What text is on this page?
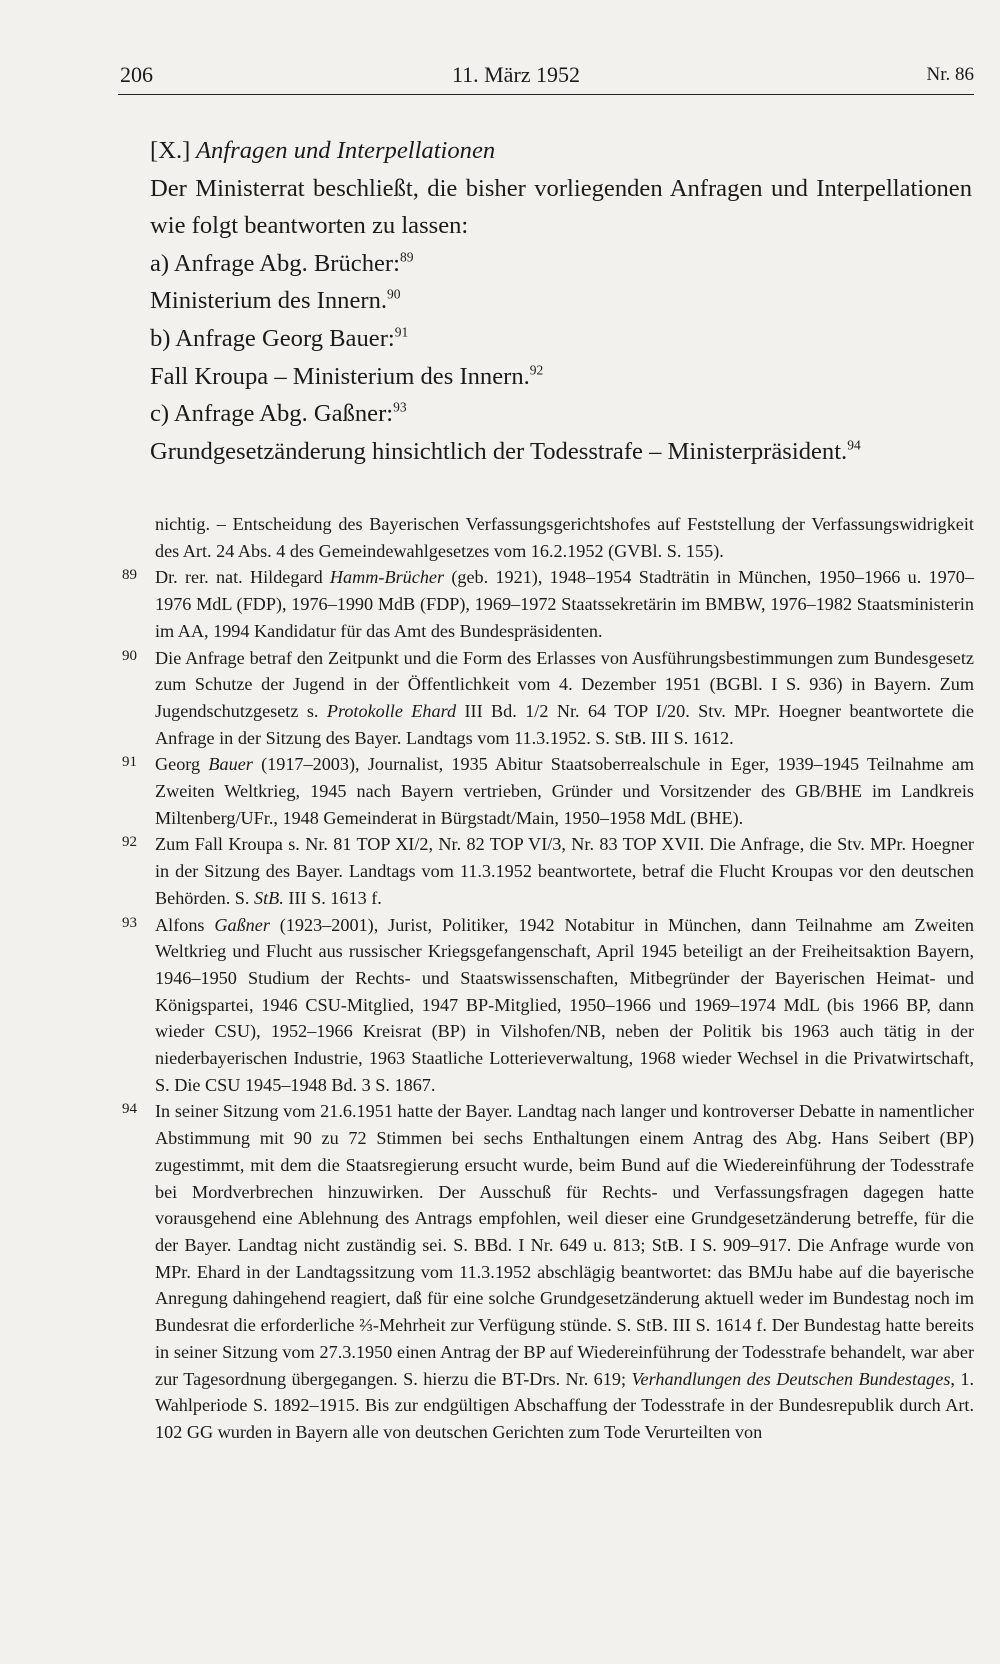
206	11. März 1952	Nr. 86

[X.] Anfragen und Interpellationen

Der Ministerrat beschließt, die bisher vorliegenden Anfragen und Interpellationen wie folgt beantworten zu lassen:

a) Anfrage Abg. Brücher:$^{89}$

Ministerium des Innern.$^{90}$

b) Anfrage Georg Bauer:$^{91}$

Fall Kroupa – Ministerium des Innern.$^{92}$

c) Anfrage Abg. Gaßner:$^{93}$

Grundgesetzänderung hinsichtlich der Todesstrafe – Ministerpräsident.$^{94}$

nichtig. – Entscheidung des Bayerischen Verfassungsgerichtshofes auf Feststellung der Verfassungswidrigkeit des Art. 24 Abs. 4 des Gemeindewahlgesetzes vom 16.2.1952 (GVBl. S. 155).
89 Dr. rer. nat. Hildegard Hamm-Brücher (geb. 1921), 1948–1954 Stadträtin in München, 1950–1966 u. 1970–1976 MdL (FDP), 1976–1990 MdB (FDP), 1969–1972 Staatssekretärin im BMBW, 1976–1982 Staatsministerin im AA, 1994 Kandidatur für das Amt des Bundespräsidenten.
90 Die Anfrage betraf den Zeitpunkt und die Form des Erlasses von Ausführungsbestimmungen zum Bundesgesetz zum Schutze der Jugend in der Öffentlichkeit vom 4. Dezember 1951 (BGBl. I S. 936) in Bayern. Zum Jugendschutzgesetz s. Protokolle Ehard III Bd. 1/2 Nr. 64 TOP I/20. Stv. MPr. Hoegner beantwortete die Anfrage in der Sitzung des Bayer. Landtags vom 11.3.1952. S. StB. III S. 1612.
91 Georg Bauer (1917–2003), Journalist, 1935 Abitur Staatsoberrealschule in Eger, 1939–1945 Teilnahme am Zweiten Weltkrieg, 1945 nach Bayern vertrieben, Gründer und Vorsitzender des GB/BHE im Landkreis Miltenberg/UFr., 1948 Gemeinderat in Bürgstadt/Main, 1950–1958 MdL (BHE).
92 Zum Fall Kroupa s. Nr. 81 TOP XI/2, Nr. 82 TOP VI/3, Nr. 83 TOP XVII. Die Anfrage, die Stv. MPr. Hoegner in der Sitzung des Bayer. Landtags vom 11.3.1952 beantwortete, betraf die Flucht Kroupas vor den deutschen Behörden. S. StB. III S. 1613 f.
93 Alfons Gaßner (1923–2001), Jurist, Politiker, 1942 Notabitur in München, dann Teilnahme am Zweiten Weltkrieg und Flucht aus russischer Kriegsgefangenschaft, April 1945 beteiligt an der Freiheitsaktion Bayern, 1946–1950 Studium der Rechts- und Staatswissenschaften, Mitbegründer der Bayerischen Heimat- und Königspartei, 1946 CSU-Mitglied, 1947 BP-Mitglied, 1950–1966 und 1969–1974 MdL (bis 1966 BP, dann wieder CSU), 1952–1966 Kreisrat (BP) in Vilshofen/NB, neben der Politik bis 1963 auch tätig in der niederbayerischen Industrie, 1963 Staatliche Lotterieverwaltung, 1968 wieder Wechsel in die Privatwirtschaft, S. Die CSU 1945–1948 Bd. 3 S. 1867.
94 In seiner Sitzung vom 21.6.1951 hatte der Bayer. Landtag nach langer und kontroverser Debatte in namentlicher Abstimmung mit 90 zu 72 Stimmen bei sechs Enthaltungen einem Antrag des Abg. Hans Seibert (BP) zugestimmt, mit dem die Staatsregierung ersucht wurde, beim Bund auf die Wiedereinführung der Todesstrafe bei Mordverbrechen hinzuwirken. Der Ausschuß für Rechts- und Verfassungsfragen dagegen hatte vorausgehend eine Ablehnung des Antrags empfohlen, weil dieser eine Grundgesetzänderung betreffe, für die der Bayer. Landtag nicht zuständig sei. S. BBd. I Nr. 649 u. 813; StB. I S. 909–917. Die Anfrage wurde von MPr. Ehard in der Landtagssitzung vom 11.3.1952 abschlägig beantwortet: das BMJu habe auf die bayerische Anregung dahingehend reagiert, daß für eine solche Grundgesetzänderung aktuell weder im Bundestag noch im Bundesrat die erforderliche ⅔-Mehrheit zur Verfügung stünde. S. StB. III S. 1614 f. Der Bundestag hatte bereits in seiner Sitzung vom 27.3.1950 einen Antrag der BP auf Wiedereinführung der Todesstrafe behandelt, war aber zur Tagesordnung übergegangen. S. hierzu die BT-Drs. Nr. 619; Verhandlungen des Deutschen Bundestages, 1. Wahlperiode S. 1892–1915. Bis zur endgültigen Abschaffung der Todesstrafe in der Bundesrepublik durch Art. 102 GG wurden in Bayern alle von deutschen Gerichten zum Tode Verurteilten von
